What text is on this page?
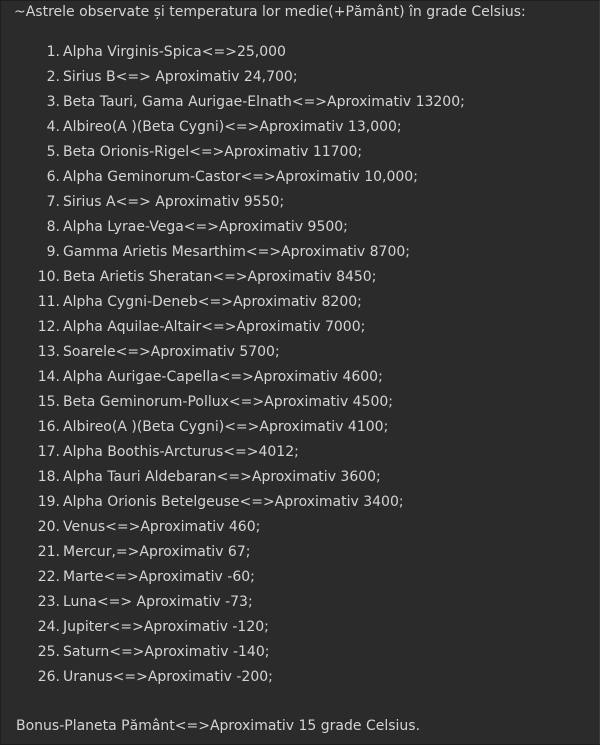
~Astrele observate și temperatura lor medie(+Pământ) în grade Celsius:
1. Alpha Virginis-Spica<=>25,000
2. Sirius B<=> Aproximativ 24,700;
3. Beta Tauri, Gama Aurigae-Elnath<=>Aproximativ 13200;
4. Albireo(A )(Beta Cygni)<=>Aproximativ 13,000;
5. Beta Orionis-Rigel<=>Aproximativ 11700;
6. Alpha Geminorum-Castor<=>Aproximativ 10,000;
7. Sirius A<=> Aproximativ 9550;
8. Alpha Lyrae-Vega<=>Aproximativ 9500;
9. Gamma Arietis Mesarthim<=>Aproximativ 8700;
10. Beta Arietis Sheratan<=>Aproximativ 8450;
11. Alpha Cygni-Deneb<=>Aproximativ 8200;
12. Alpha Aquilae-Altair<=>Aproximativ 7000;
13. Soarele<=>Aproximativ 5700;
14. Alpha Aurigae-Capella<=>Aproximativ 4600;
15. Beta Geminorum-Pollux<=>Aproximativ 4500;
16. Albireo(A )(Beta Cygni)<=>Aproximativ 4100;
17. Alpha Boothis-Arcturus<=>4012;
18. Alpha Tauri Aldebaran<=>Aproximativ 3600;
19. Alpha Orionis Betelgeuse<=>Aproximativ 3400;
20. Venus<=>Aproximativ 460;
21. Mercur,=>Aproximativ 67;
22. Marte<=>Aproximativ -60;
23. Luna<=> Aproximativ -73;
24. Jupiter<=>Aproximativ -120;
25. Saturn<=>Aproximativ -140;
26. Uranus<=>Aproximativ -200;
Bonus-Planeta Pământ<=>Aproximativ 15 grade Celsius.
